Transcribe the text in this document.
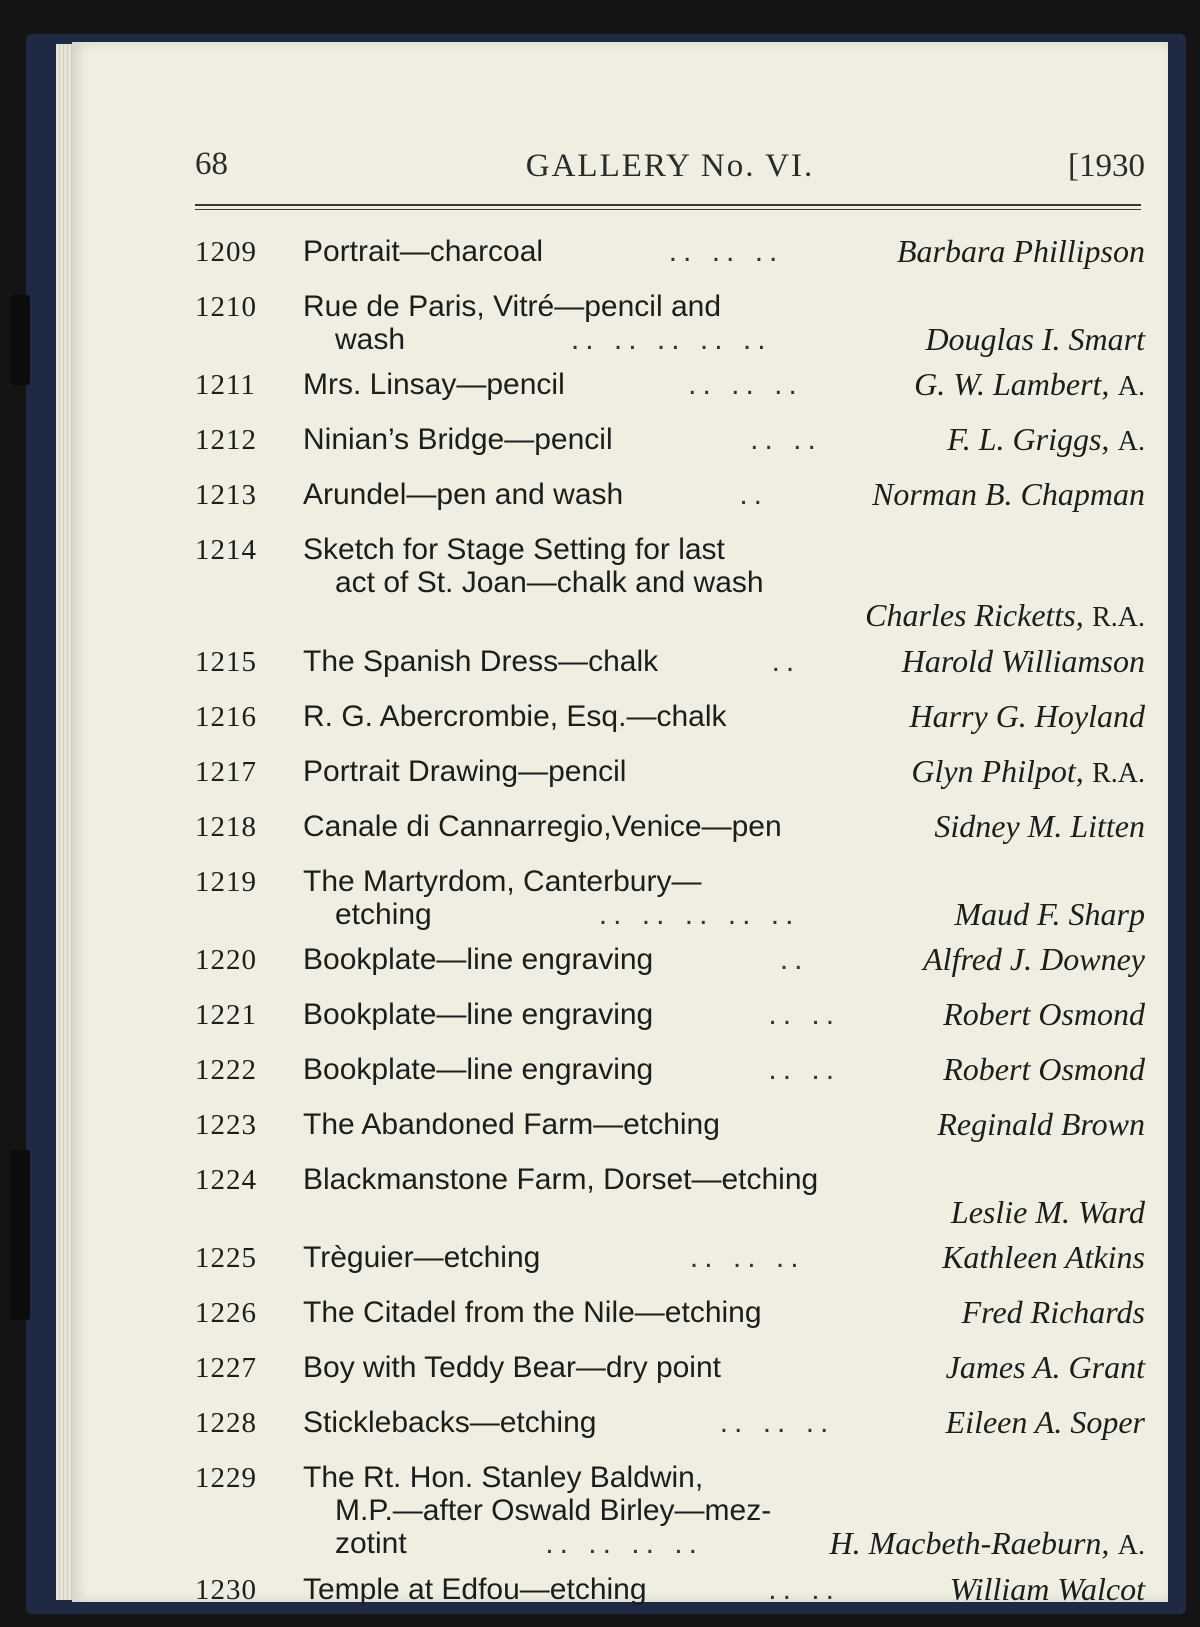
68	GALLERY No. VI.	[1930
1209 Portrait—charcoal	.. .. ..	Barbara Phillipson
1210 Rue de Paris, Vitré—pencil and
wash	.. .. .. .. ..	Douglas I. Smart
1211 Mrs. Linsay—pencil	.. .. ..	G. W. Lambert, A.
1212 Ninian’s Bridge—pencil	.. ..	F. L. Griggs, A.
1213 Arundel—pen and wash	..	Norman B. Chapman
1214 Sketch for Stage Setting for last
act of St. Joan—chalk and wash
Charles Ricketts, R.A.
1215 The Spanish Dress—chalk	..	Harold Williamson
1216 R. G. Abercrombie, Esq.—chalk	Harry G. Hoyland
1217 Portrait Drawing—pencil	Glyn Philpot, R.A.
1218 Canale di Cannarregio,Venice—pen	Sidney M. Litten
1219 The Martyrdom, Canterbury—
etching	.. .. .. .. ..	Maud F. Sharp
1220 Bookplate—line engraving	..	Alfred J. Downey
1221 Bookplate—line engraving	.. ..	Robert Osmond
1222 Bookplate—line engraving	.. ..	Robert Osmond
1223 The Abandoned Farm—etching	Reginald Brown
1224 Blackmanstone Farm, Dorset—etching
Leslie M. Ward
1225 Trèguier—etching	.. .. ..	Kathleen Atkins
1226 The Citadel from the Nile—etching	Fred Richards
1227 Boy with Teddy Bear—dry point	James A. Grant
1228 Sticklebacks—etching	.. .. ..	Eileen A. Soper
1229 The Rt. Hon. Stanley Baldwin,
M.P.—after Oswald Birley—mez-
zotint	.. .. .. ..	H. Macbeth-Raeburn, A.
1230 Temple at Edfou—etching	.. ..	William Walcot
